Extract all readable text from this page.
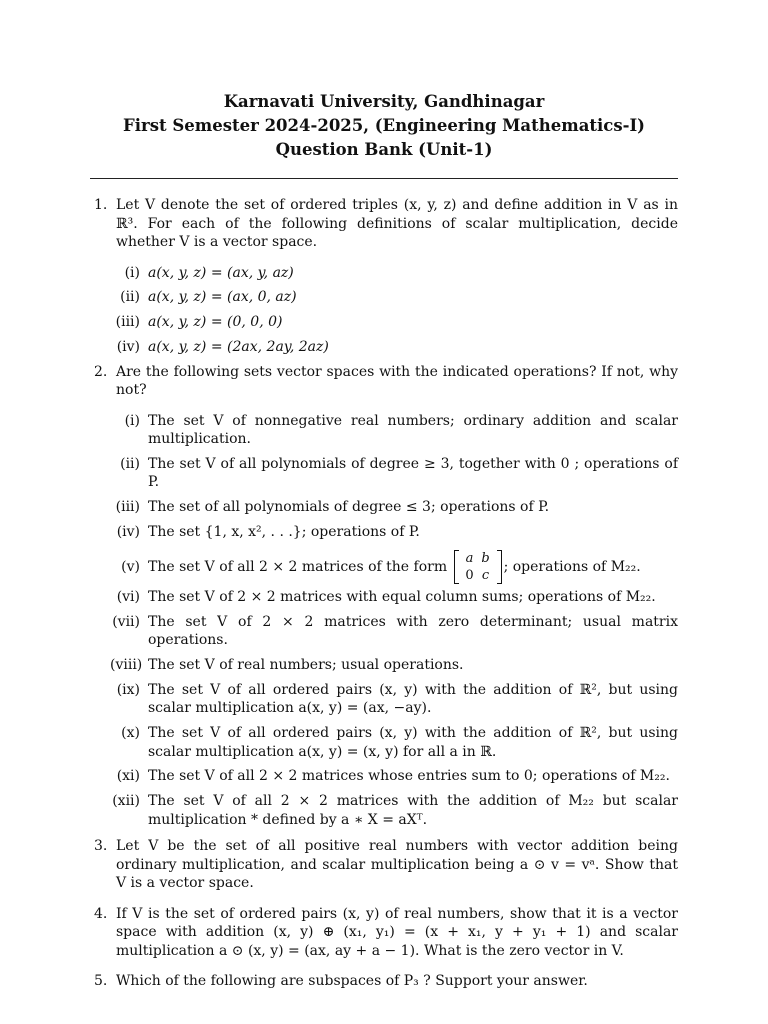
Karnavati University, Gandhinagar
First Semester 2024-2025, (Engineering Mathematics-I)
Question Bank (Unit-1)
1. Let V denote the set of ordered triples (x, y, z) and define addition in V as in ℝ³. For each of the following definitions of scalar multiplication, decide whether V is a vector space.
(i) a(x, y, z) = (ax, y, az)
(ii) a(x, y, z) = (ax, 0, az)
(iii) a(x, y, z) = (0, 0, 0)
(iv) a(x, y, z) = (2ax, 2ay, 2az)
2. Are the following sets vector spaces with the indicated operations? If not, why not?
(i) The set V of nonnegative real numbers; ordinary addition and scalar multiplication.
(ii) The set V of all polynomials of degree ≥ 3, together with 0 ; operations of P.
(iii) The set of all polynomials of degree ≤ 3; operations of P.
(iv) The set {1, x, x², . . .}; operations of P.
(v) The set V of all 2 × 2 matrices of the form
a b
0 c
; operations of M₂₂.
(vi) The set V of 2 × 2 matrices with equal column sums; operations of M₂₂.
(vii) The set V of 2 × 2 matrices with zero determinant; usual matrix operations.
(viii) The set V of real numbers; usual operations.
(ix) The set V of all ordered pairs (x, y) with the addition of ℝ², but using scalar multiplication a(x, y) = (ax, −ay).
(x) The set V of all ordered pairs (x, y) with the addition of ℝ², but using scalar multiplication a(x, y) = (x, y) for all a in ℝ.
(xi) The set V of all 2 × 2 matrices whose entries sum to 0; operations of M₂₂.
(xii) The set V of all 2 × 2 matrices with the addition of M₂₂ but scalar multiplication * defined by a ∗ X = aXᵀ.
3. Let V be the set of all positive real numbers with vector addition being ordinary multiplication, and scalar multiplication being a ⊙ v = vᵃ. Show that V is a vector space.
4. If V is the set of ordered pairs (x, y) of real numbers, show that it is a vector space with addition (x, y) ⊕ (x₁, y₁) = (x + x₁, y + y₁ + 1) and scalar multiplication a ⊙ (x, y) = (ax, ay + a − 1). What is the zero vector in V.
5. Which of the following are subspaces of P₃ ? Support your answer.
